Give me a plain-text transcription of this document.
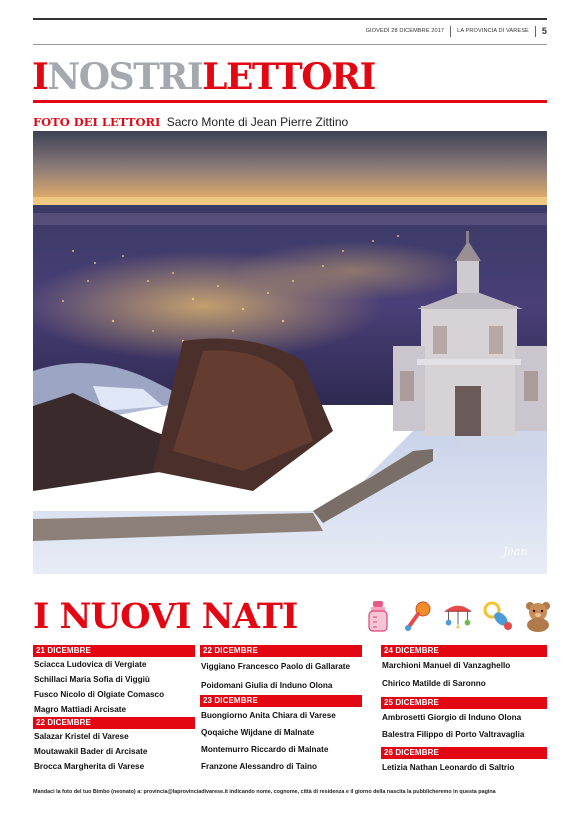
GIOVEDÌ 28 DICEMBRE 2017 LA PROVINCIA DI VARESE 5
I NOSTRI LETTORI
FOTO DEI LETTORI Sacro Monte di Jean Pierre Zittino
Jean
I NUOVI
NATI
21 DICEMBRE
Sciacca Ludovica di Vergiate
Schillaci Maria Sofia di Viggiù
Fusco Nicolo di Olgiate Comasco
Magro Mattiadi Arcisate
22 DICEMBRE
Salazar Kristel di Varese
Moutawakil Bader di Arcisate
Brocca Margherita di Varese
22 DICEMBRE
Viggiano Francesco Paolo di Gallarate
Poidomani Giulia di Induno Olona
23 DICEMBRE
Buongiorno Anita Chiara di Varese
Qoqaiche Wijdane di Malnate
Montemurro Riccardo di Malnate
Franzone Alessandro di Taino
24 DICEMBRE
Marchioni Manuel di Vanzaghello
Chirico Matilde di Saronno
25 DICEMBRE
Ambrosetti Giorgio di Induno Olona
Balestra Filippo di Porto Valtravaglia
26 DICEMBRE
Letizia Nathan Leonardo di Saltrio
Mandaci la foto del tuo Bimbo (neonato) a: provincia@laprovinciadivarese.it indicando nome, cognome, città di residenza e il giorno della nascita la pubblicheremo in questa pagina
